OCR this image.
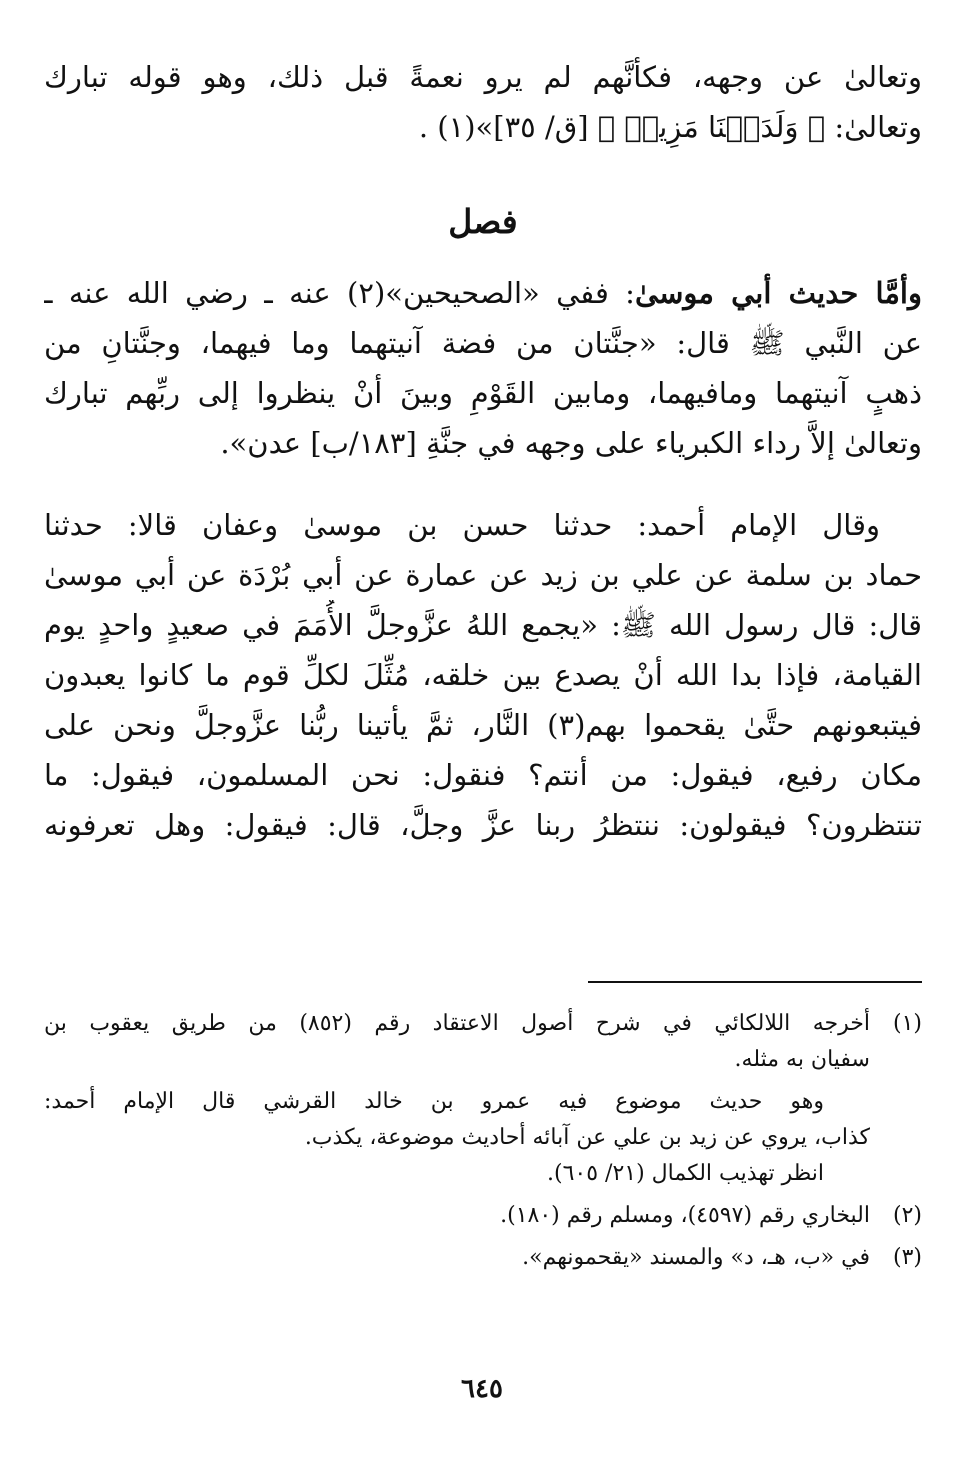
وتعالىٰ عن وجهه، فكأنَّهم لم يرو نعمةً قبل ذلك، وهو قوله تبارك
وتعالىٰ: ﴿ وَلَدَيۡنَا مَزِيدٞ ﴾ [ق/ ٣٥]»(١) .
فصل
وأمَّا حديث أبي موسىٰ: ففي «الصحيحين»(٢) عنه ـ رضي الله عنه ـ
عن النَّبي ﷺ قال: «جنَّتان من فضة آنيتهما وما فيهما، وجنَّتانِ من
ذهبٍ آنيتهما ومافيهما، ومابين القَوْمِ وبينَ أنْ ينظروا إلى ربِّهم تبارك
وتعالىٰ إلاَّ رداء الكبرياء على وجهه في جنَّةِ [١٨٣/ب] عدن».
وقال الإمام أحمد: حدثنا حسن بن موسىٰ وعفان قالا: حدثنا
حماد بن سلمة عن علي بن زيد عن عمارة عن أبي بُرْدَة عن أبي موسىٰ
قال: قال رسول الله ﷺ: «يجمع اللهُ عزَّوجلَّ الأُمَمَ في صعيدٍ واحدٍ يوم
القيامة، فإذا بدا الله أنْ يصدع بين خلقه، مُثِّلَ لكلِّ قوم ما كانوا يعبدون
فيتبعونهم حتَّىٰ يقحموا بهم(٣) النَّار، ثمَّ يأتينا ربُّنا عزَّوجلَّ ونحن على
مكان رفيع، فيقول: من أنتم؟ فنقول: نحن المسلمون، فيقول: ما
تنتظرون؟ فيقولون: ننتظرُ ربنا عزَّ وجلَّ، قال: فيقول: وهل تعرفونه
(١)
أخرجه اللالكائي في شرح أصول الاعتقاد رقم (٨٥٢) من طريق يعقوب بن
سفيان به مثله.
وهو حديث موضوع فيه عمرو بن خالد القرشي قال الإمام أحمد:
كذاب، يروي عن زيد بن علي عن آبائه أحاديث موضوعة، يكذب.
انظر تهذيب الكمال (٢١/ ٦٠٥).
(٢)
البخاري رقم (٤٥٩٧)، ومسلم رقم (١٨٠).
(٣)
في «ب، هـ، د» والمسند «يقحمونهم».
٦٤٥
